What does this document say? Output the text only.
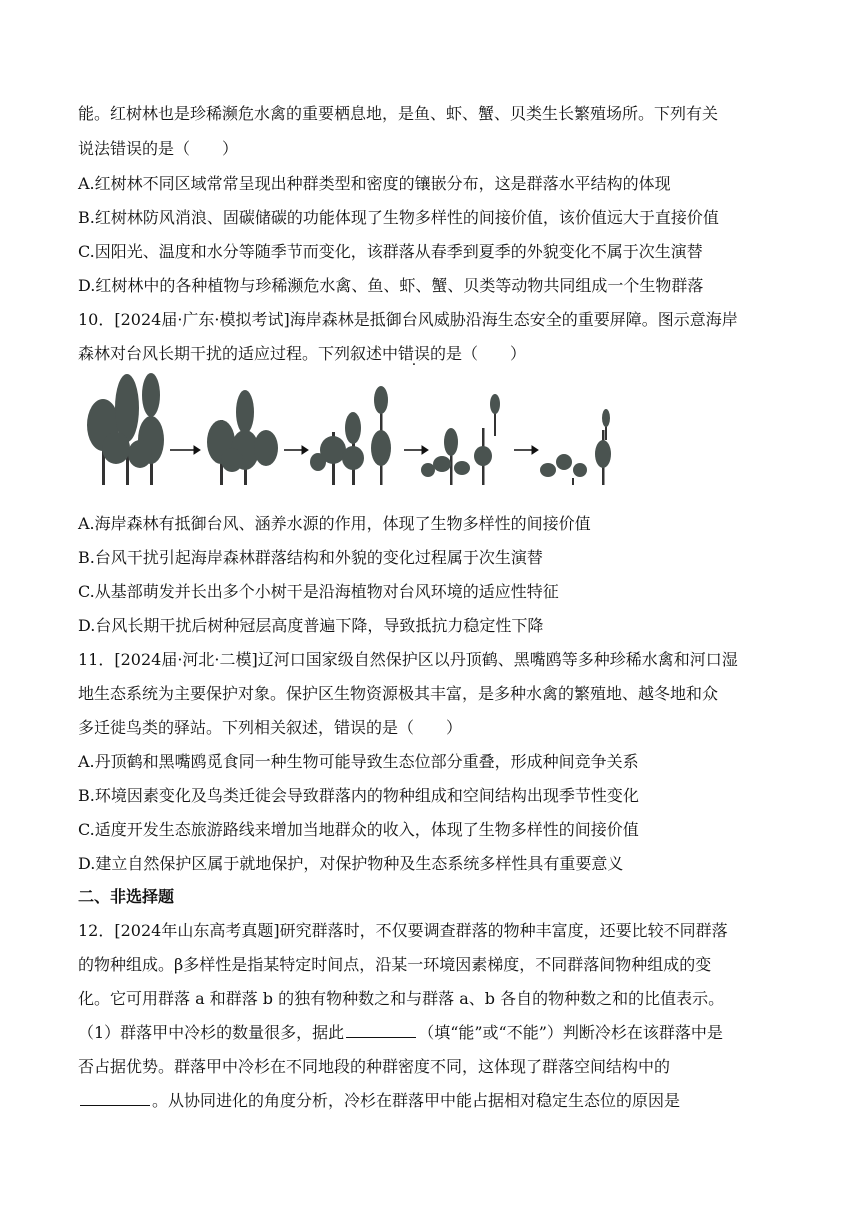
能。红树林也是珍稀濒危水禽的重要栖息地，是鱼、虾、蟹、贝类生长繁殖场所。下列有关
说法错误的是（　　）
A.红树林不同区域常常呈现出种群类型和密度的镶嵌分布，这是群落水平结构的体现
B.红树林防风消浪、固碳储碳的功能体现了生物多样性的间接价值，该价值远大于直接价值
C.因阳光、温度和水分等随季节而变化，该群落从春季到夏季的外貌变化不属于次生演替
D.红树林中的各种植物与珍稀濒危水禽、鱼、虾、蟹、贝类等动物共同组成一个生物群落
10．[2024届·广东·模拟考试]海岸森林是抵御台风威胁沿海生态安全的重要屏障。图示意海岸
森林对台风长期干扰的适应过程。下列叙述中错误的是（　　）
A.海岸森林有抵御台风、涵养水源的作用，体现了生物多样性的间接价值
B.台风干扰引起海岸森林群落结构和外貌的变化过程属于次生演替
C.从基部萌发并长出多个小树干是沿海植物对台风环境的适应性特征
D.台风长期干扰后树种冠层高度普遍下降，导致抵抗力稳定性下降
11．[2024届·河北·二模]辽河口国家级自然保护区以丹顶鹤、黑嘴鸥等多种珍稀水禽和河口湿
地生态系统为主要保护对象。保护区生物资源极其丰富，是多种水禽的繁殖地、越冬地和众
多迁徙鸟类的驿站。下列相关叙述，错误的是（　　）
A.丹顶鹤和黑嘴鸥觅食同一种生物可能导致生态位部分重叠，形成种间竞争关系
B.环境因素变化及鸟类迁徙会导致群落内的物种组成和空间结构出现季节性变化
C.适度开发生态旅游路线来增加当地群众的收入，体现了生物多样性的间接价值
D.建立自然保护区属于就地保护，对保护物种及生态系统多样性具有重要意义
二、非选择题
12．[2024年山东高考真题]研究群落时，不仅要调查群落的物种丰富度，还要比较不同群落
的物种组成。β多样性是指某特定时间点，沿某一环境因素梯度，不同群落间物种组成的变
化。它可用群落 a 和群落 b 的独有物种数之和与群落 a、b 各自的物种数之和的比值表示。
（1）群落甲中冷杉的数量很多，据此	（填“能”或“不能”）判断冷杉在该群落中是
否占据优势。群落甲中冷杉在不同地段的种群密度不同，这体现了群落空间结构中的
。从协同进化的角度分析，冷杉在群落甲中能占据相对稳定生态位的原因是
